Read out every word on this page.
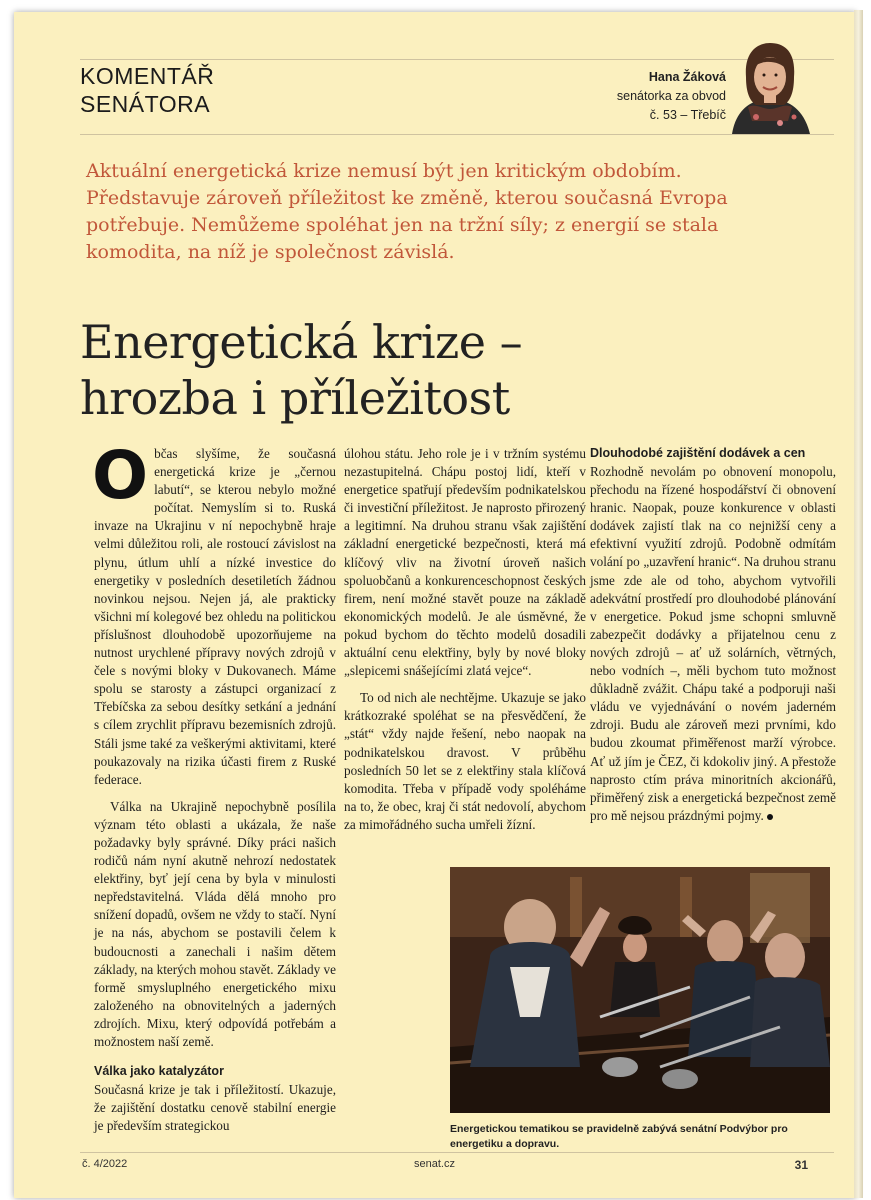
KOMENTÁŘ
SENÁTORA
Hana Žáková
senátorka za obvod
č. 53 – Třebíč
Aktuální energetická krize nemusí být jen kritickým obdobím. Představuje zároveň příležitost ke změně, kterou současná Evropa potřebuje. Nemůžeme spoléhat jen na tržní síly; z energií se stala komodita, na níž je společnost závislá.
Energetická krize –
hrozba i příležitost

Občas slyšíme, že současná energetická krize je „černou labutí“, se kterou nebylo možné počítat. Nemyslím si to. Ruská invaze na Ukrajinu v ní nepochybně hraje velmi důležitou roli, ale rostoucí závislost na plynu, útlum uhlí a nízké investice do energetiky v posledních desetiletích žádnou novinkou nejsou. Nejen já, ale prakticky všichni mí kolegové bez ohledu na politickou příslušnost dlouhodobě upozorňujeme na nutnost urychlené přípravy nových zdrojů v čele s novými bloky v Dukovanech. Máme spolu se starosty a zástupci organizací z Třebíčska za sebou desítky setkání a jednání s cílem zrychlit přípravu bezemisních zdrojů. Stáli jsme také za veškerými aktivitami, které poukazovaly na rizika účasti firem z Ruské federace.

Válka na Ukrajině nepochybně posílila význam této oblasti a ukázala, že naše požadavky byly správné. Díky práci našich rodičů nám nyní akutně nehrozí nedostatek elektřiny, byť její cena by byla v minulosti nepředstavitelná. Vláda dělá mnoho pro snížení dopadů, ovšem ne vždy to stačí. Nyní je na nás, abychom se postavili čelem k budoucnosti a zanechali i našim dětem základy, na kterých mohou stavět. Základy ve formě smysluplného energetického mixu založeného na obnovitelných a jaderných zdrojích. Mixu, který odpovídá potřebám a možnostem naší země.

Válka jako katalyzátor

Současná krize je tak i příležitostí. Ukazuje, že zajištění dostatku cenově stabilní energie je především strategickou

úlohou státu. Jeho role je i v tržním systému nezastupitelná. Chápu postoj lidí, kteří v energetice spatřují především podnikatelskou či investiční příležitost. Je naprosto přirozený a legitimní. Na druhou stranu však zajištění základní energetické bezpečnosti, která má klíčový vliv na životní úroveň našich spoluobčanů a konkurenceschopnost českých firem, není možné stavět pouze na základě ekonomických modelů. Je ale úsměvné, že pokud bychom do těchto modelů dosadili aktuální cenu elektřiny, byly by nové bloky „slepicemi snášejícími zlatá vejce“.

To od nich ale nechtějme. Ukazuje se jako krátkozraké spoléhat se na přesvědčení, že „stát“ vždy najde řešení, nebo naopak na podnikatelskou dravost. V průběhu posledních 50 let se z elektřiny stala klíčová komodita. Třeba v případě vody spoléháme na to, že obec, kraj či stát nedovolí, abychom za mimořádného sucha umřeli žízní.

Dlouhodobé zajištění dodávek a cen

Rozhodně nevolám po obnovení monopolu, přechodu na řízené hospodářství či obnovení hranic. Naopak, pouze konkurence v oblasti dodávek zajistí tlak na co nejnižší ceny a efektivní využití zdrojů. Podobně odmítám volání po „uzavření hranic“. Na druhou stranu jsme zde ale od toho, abychom vytvořili adekvátní prostředí pro dlouhodobé plánování v energetice. Pokud jsme schopni smluvně zabezpečit dodávky a přijatelnou cenu z nových zdrojů – ať už solárních, větrných, nebo vodních –, měli bychom tuto možnost důkladně zvážit. Chápu také a podporuji naši vládu ve vyjednávání o novém jaderném zdroji. Budu ale zároveň mezi prvními, kdo budou zkoumat přiměřenost marží výrobce. Ať už jím je ČEZ, či kdokoliv jiný. A přestože naprosto ctím práva minoritních akcionářů, přiměřený zisk a energetická bezpečnost země pro mě nejsou prázdnými pojmy.

Energetickou tematikou se pravidelně zabývá senátní Podvýbor pro energetiku a dopravu.
č. 4/2022	senat.cz	31
